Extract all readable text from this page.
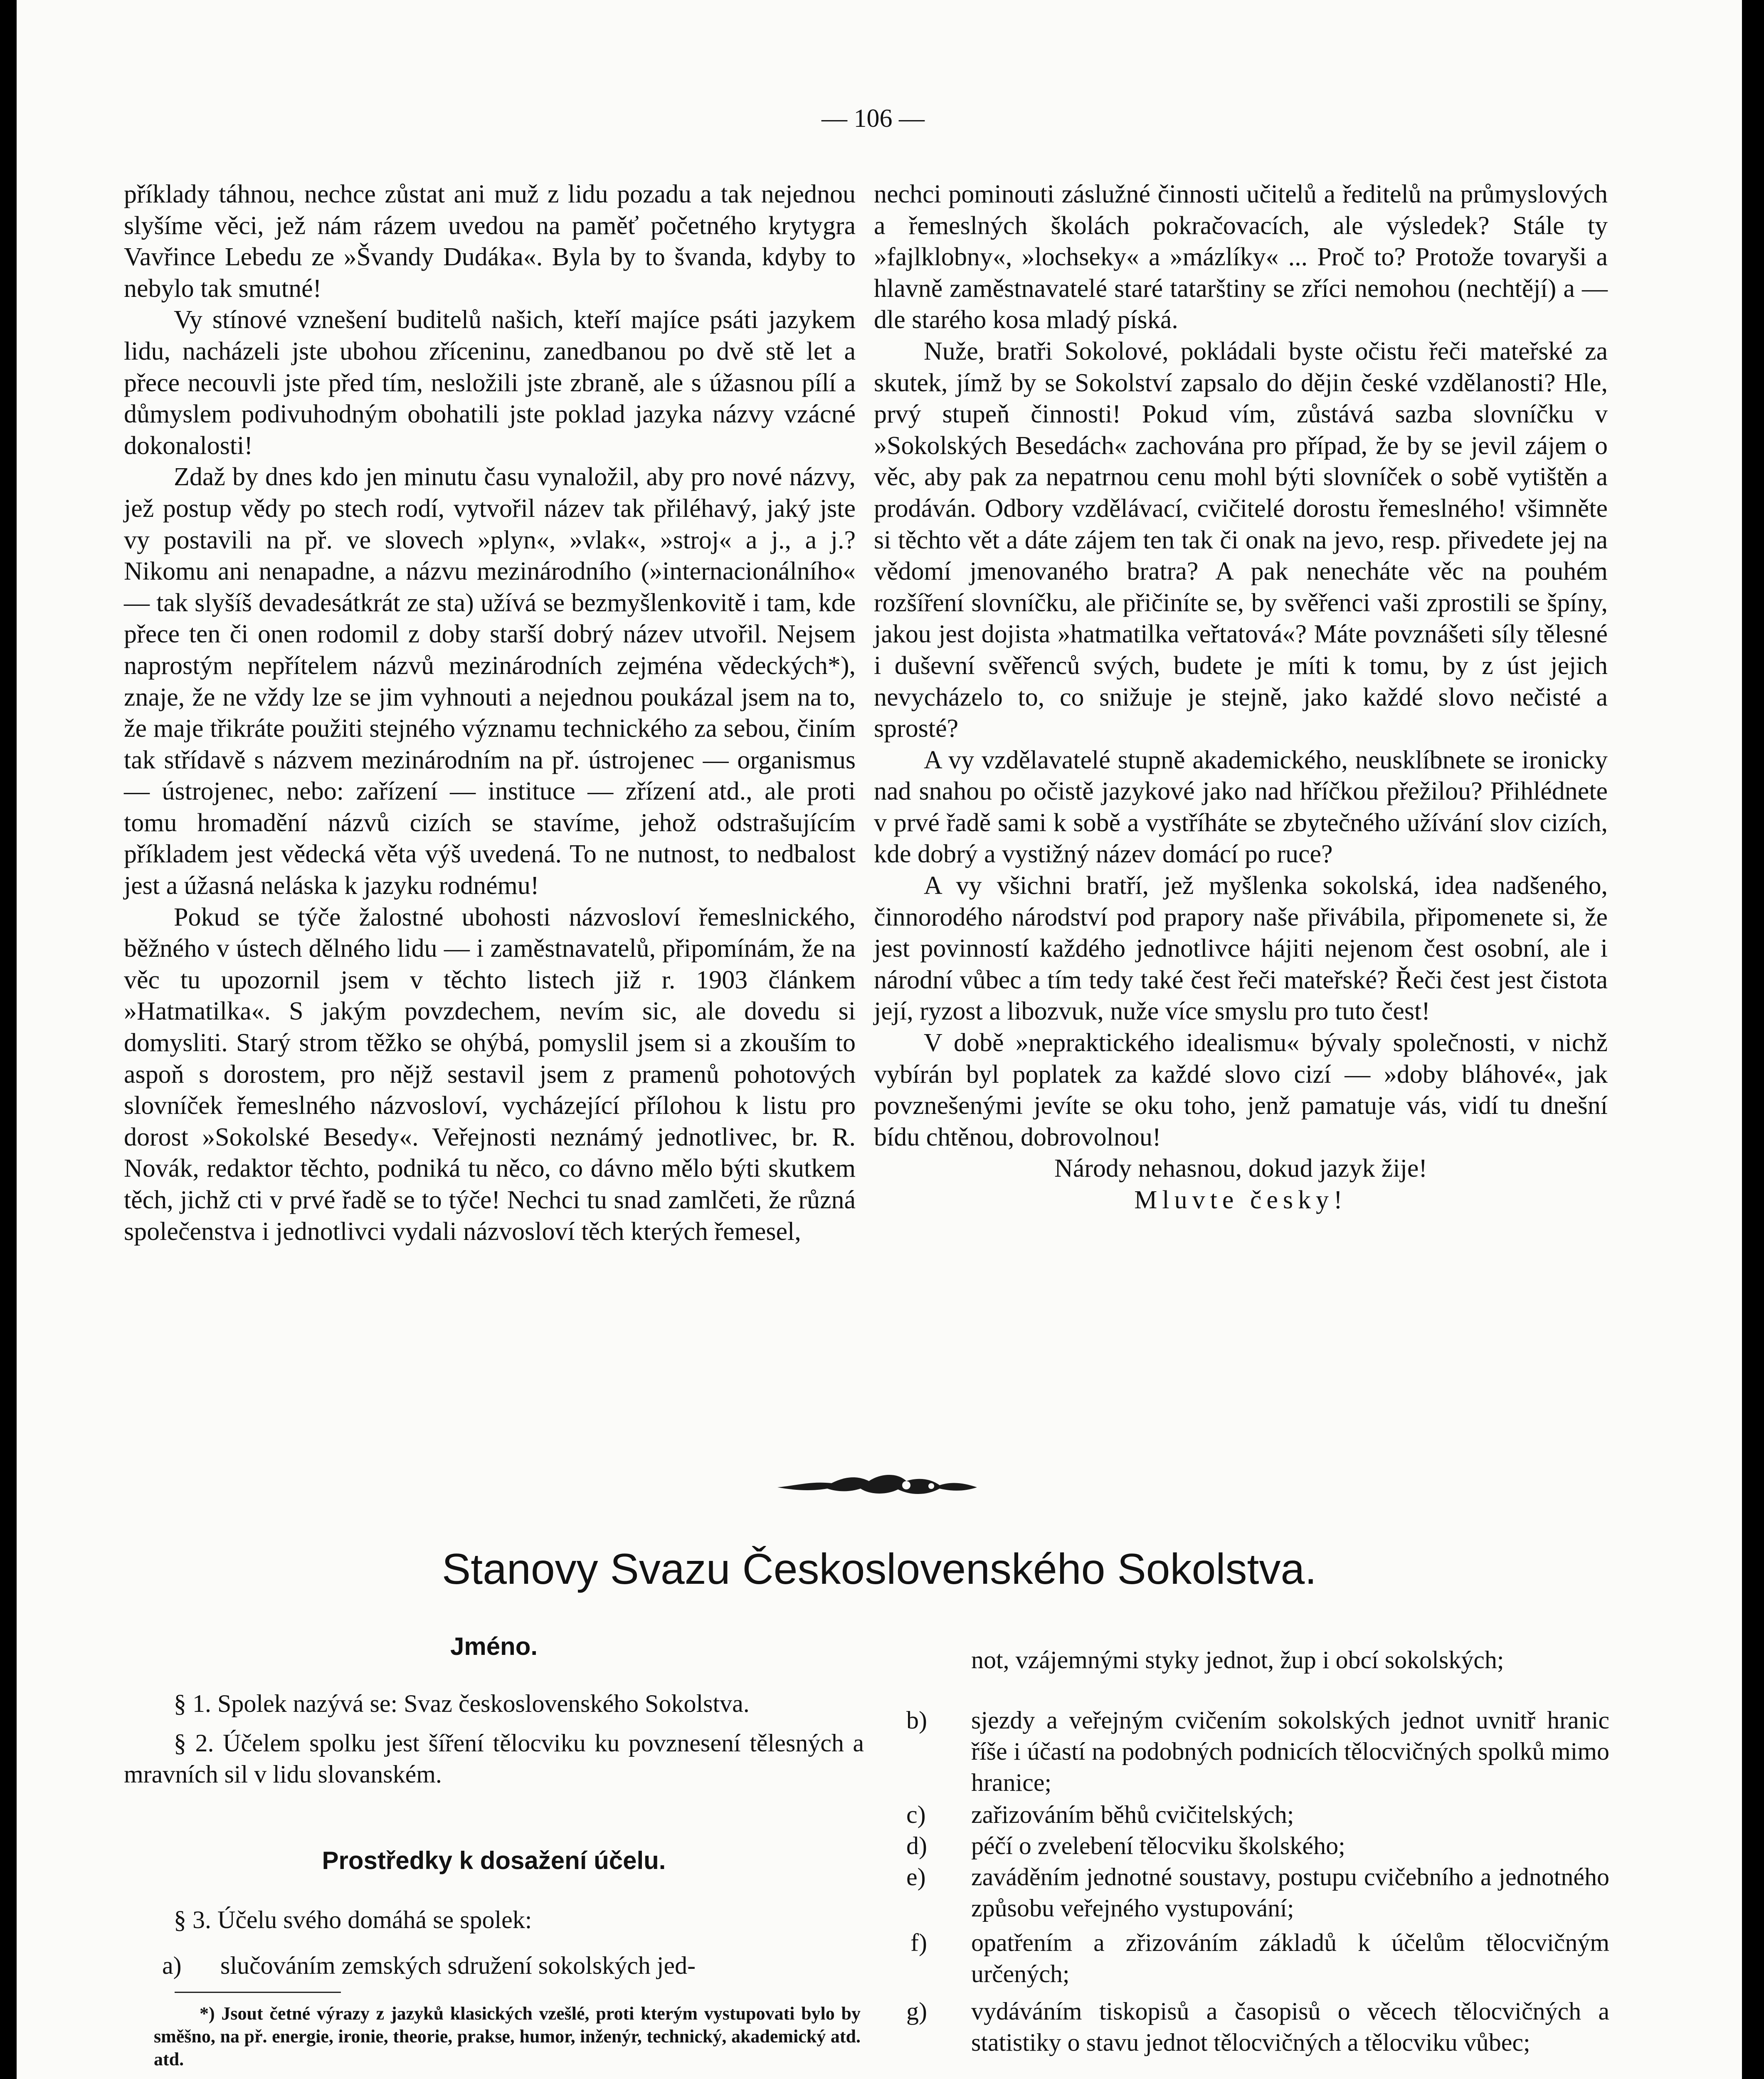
— 106 —

příklady táhnou, nechce zůstat ani muž z lidu pozadu a tak nejednou slyšíme věci, jež nám rázem uvedou na paměť početného krytygra Vavřince Lebedu ze »Švandy Dudáka«. Byla by to švanda, kdyby to nebylo tak smutné!

Vy stínové vznešení buditelů našich, kteří majíce psáti jazykem lidu, nacházeli jste ubohou zříceninu, zanedbanou po dvě stě let a přece necouvli jste před tím, nesložili jste zbraně, ale s úžasnou pílí a důmyslem podivuhodným obohatili jste poklad jazyka názvy vzácné dokonalosti!

Zdaž by dnes kdo jen minutu času vynaložil, aby pro nové názvy, jež postup vědy po stech rodí, vytvořil název tak přiléhavý, jaký jste vy postavili na př. ve slovech »plyn«, »vlak«, »stroj« a j., a j.? Nikomu ani nenapadne, a názvu mezinárodního (»internacionálního« — tak slyšíš devadesátkrát ze sta) užívá se bezmyšlenkovitě i tam, kde přece ten či onen rodomil z doby starší dobrý název utvořil. Nejsem naprostým nepřítelem názvů mezinárodních zejména vědeckých*), znaje, že ne vždy lze se jim vyhnouti a nejednou poukázal jsem na to, že maje třikráte použiti stejného významu technického za sebou, činím tak střídavě s názvem mezinárodním na př. ústrojenec — organismus — ústrojenec, nebo: zařízení — instituce — zřízení atd., ale proti tomu hromadění názvů cizích se stavíme, jehož odstrašujícím příkladem jest vědecká věta výš uvedená. To ne nutnost, to nedbalost jest a úžasná neláska k jazyku rodnému!

Pokud se týče žalostné ubohosti názvosloví řemeslnického, běžného v ústech dělného lidu — i zaměstnavatelů, připomínám, že na věc tu upozornil jsem v těchto listech již r. 1903 článkem »Hatmatilka«. S jakým povzdechem, nevím sic, ale dovedu si domysliti. Starý strom těžko se ohýbá, pomyslil jsem si a zkouším to aspoň s dorostem, pro nějž sestavil jsem z pramenů pohotových slovníček řemeslného názvosloví, vycházející přílohou k listu pro dorost »Sokolské Besedy«. Veřejnosti neznámý jednotlivec, br. R. Novák, redaktor těchto, podniká tu něco, co dávno mělo býti skutkem těch, jichž cti v prvé řadě se to týče! Nechci tu snad zamlčeti, že různá společenstva i jednotlivci vydali názvosloví těch kterých řemesel,

nechci pominouti záslužné činnosti učitelů a ředitelů na průmyslových a řemeslných školách pokračovacích, ale výsledek? Stále ty »fajlklobny«, »lochseky« a »mázlíky« ... Proč to? Protože tovaryši a hlavně zaměstnavatelé staré tatarštiny se zříci nemohou (nechtějí) a — dle starého kosa mladý píská.

Nuže, bratři Sokolové, pokládali byste očistu řeči mateřské za skutek, jímž by se Sokolství zapsalo do dějin české vzdělanosti? Hle, prvý stupeň činnosti! Pokud vím, zůstává sazba slovníčku v »Sokolských Besedách« zachována pro případ, že by se jevil zájem o věc, aby pak za nepatrnou cenu mohl býti slovníček o sobě vytištěn a prodáván. Odbory vzdělávací, cvičitelé dorostu řemeslného! všimněte si těchto vět a dáte zájem ten tak či onak na jevo, resp. přivedete jej na vědomí jmenovaného bratra? A pak nenecháte věc na pouhém rozšíření slovníčku, ale přičiníte se, by svěřenci vaši zprostili se špíny, jakou jest dojista »hatmatilka veřtatová«? Máte povznášeti síly tělesné i duševní svěřenců svých, budete je míti k tomu, by z úst jejich nevycházelo to, co snižuje je stejně, jako každé slovo nečisté a sprosté?

A vy vzdělavatelé stupně akademického, neusklíbnete se ironicky nad snahou po očistě jazykové jako nad hříčkou přežilou? Přihlédnete v prvé řadě sami k sobě a vystříháte se zbytečného užívání slov cizích, kde dobrý a vystižný název domácí po ruce?

A vy všichni bratří, jež myšlenka sokolská, idea nadšeného, činnorodého národství pod prapory naše přivábila, připomenete si, že jest povinností každého jednotlivce hájiti nejenom čest osobní, ale i národní vůbec a tím tedy také čest řeči mateřské? Řeči čest jest čistota její, ryzost a libozvuk, nuže více smyslu pro tuto čest!

V době »nepraktického idealismu« bývaly společnosti, v nichž vybírán byl poplatek za každé slovo cizí — »doby bláhové«, jak povznešenými jevíte se oku toho, jenž pamatuje vás, vidí tu dnešní bídu chtěnou, dobrovolnou!

Národy nehasnou, dokud jazyk žije!

Mluvte česky!

Stanovy Svazu Československého Sokolstva.
Jméno.

§ 1. Spolek nazývá se: Svaz československého Sokolstva.

§ 2. Účelem spolku jest šíření tělocviku ku povznesení tělesných a mravních sil v lidu slovanském.

Prostředky k dosažení účelu.

§ 3. Účelu svého domáhá se spolek:

a)	slučováním zemských sdružení sokolských jed-

*) Jsout četné výrazy z jazyků klasických vzešlé, proti kterým vystupovati bylo by směšno, na př. energie, ironie, theorie, prakse, humor, inženýr, technický, akademický atd. atd.

not, vzájemnými styky jednot, žup i obcí sokolských;
b)	sjezdy a veřejným cvičením sokolských jednot uvnitř hranic říše i účastí na podobných podnicích tělocvičných spolků mimo hranice;
c)	zařizováním běhů cvičitelských;
d)	péčí o zvelebení tělocviku školského;
e)	zaváděním jednotné soustavy, postupu cvičebního a jednotného způsobu veřejného vystupování;
f)	opatřením a zřizováním základů k účelům tělocvičným určených;
g)	vydáváním tiskopisů a časopisů o věcech tělocvičných a statistiky o stavu jednot tělocvičných a tělocviku vůbec;
